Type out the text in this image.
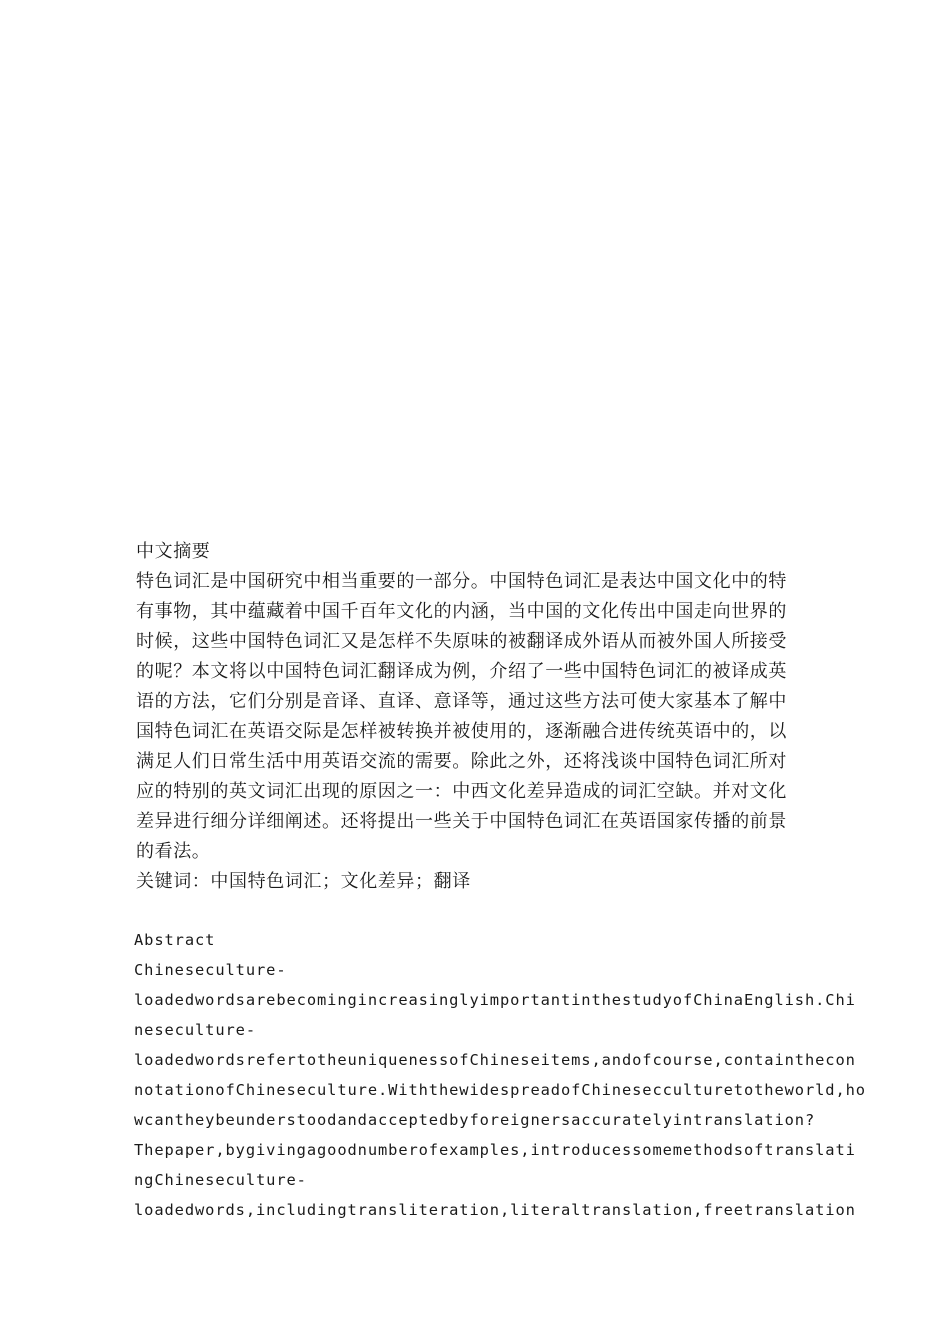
中文摘要
特色词汇是中国研究中相当重要的一部分。中国特色词汇是表达中国文化中的特
有事物，其中蕴藏着中国千百年文化的内涵，当中国的文化传出中国走向世界的
时候，这些中国特色词汇又是怎样不失原味的被翻译成外语从而被外国人所接受
的呢？本文将以中国特色词汇翻译成为例，介绍了一些中国特色词汇的被译成英
语的方法，它们分别是音译、直译、意译等，通过这些方法可使大家基本了解中
国特色词汇在英语交际是怎样被转换并被使用的，逐渐融合进传统英语中的，以
满足人们日常生活中用英语交流的需要。除此之外，还将浅谈中国特色词汇所对
应的特别的英文词汇出现的原因之一：中西文化差异造成的词汇空缺。并对文化
差异进行细分详细阐述。还将提出一些关于中国特色词汇在英语国家传播的前景
的看法。
关键词：中国特色词汇；文化差异；翻译
Abstract
Chineseculture-
loadedwordsarebecomingincreasinglyimportantinthestudyofChinaEnglish.Chi
neseculture-
loadedwordsrefertotheuniquenessofChineseitems,andofcourse,containthecon
notationofChineseculture.WiththewidespreadofChinesecculturetotheworld,ho
wcantheybeunderstoodandacceptedbyforeignersaccuratelyintranslation?
Thepaper,bygivingagoodnumberofexamples,introducessomemethodsoftranslati
ngChineseculture-
loadedwords,includingtransliteration,literaltranslation,freetranslation
